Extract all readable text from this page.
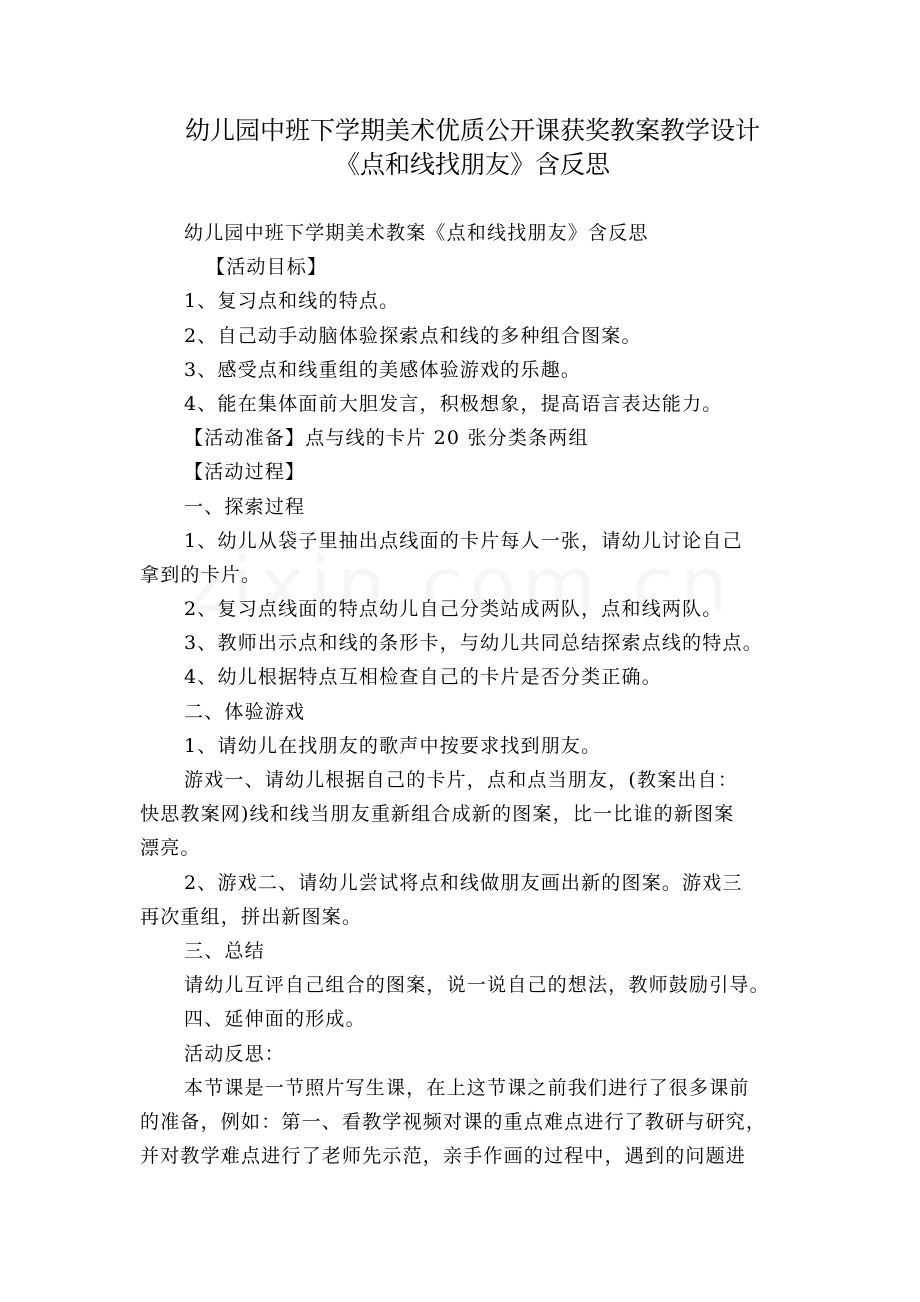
幼儿园中班下学期美术优质公开课获奖教案教学设计
《点和线找朋友》含反思
幼儿园中班下学期美术教案《点和线找朋友》含反思
【活动目标】
1、复习点和线的特点。
2、自己动手动脑体验探索点和线的多种组合图案。
3、感受点和线重组的美感体验游戏的乐趣。
4、能在集体面前大胆发言，积极想象，提高语言表达能力。
【活动准备】点与线的卡片 20 张分类条两组
【活动过程】
一、探索过程
1、幼儿从袋子里抽出点线面的卡片每人一张，请幼儿讨论自己
拿到的卡片。
2、复习点线面的特点幼儿自己分类站成两队，点和线两队。
3、教师出示点和线的条形卡，与幼儿共同总结探索点线的特点。
4、幼儿根据特点互相检查自己的卡片是否分类正确。
二、体验游戏
1、请幼儿在找朋友的歌声中按要求找到朋友。
游戏一、请幼儿根据自己的卡片，点和点当朋友，(教案出自：
快思教案网)线和线当朋友重新组合成新的图案，比一比谁的新图案
漂亮。
2、游戏二、请幼儿尝试将点和线做朋友画出新的图案。游戏三
再次重组，拼出新图案。
三、总结
请幼儿互评自己组合的图案，说一说自己的想法，教师鼓励引导。
四、延伸面的形成。
活动反思：
本节课是一节照片写生课，在上这节课之前我们进行了很多课前
的准备，例如：第一、看教学视频对课的重点难点进行了教研与研究，
并对教学难点进行了老师先示范，亲手作画的过程中，遇到的问题进
